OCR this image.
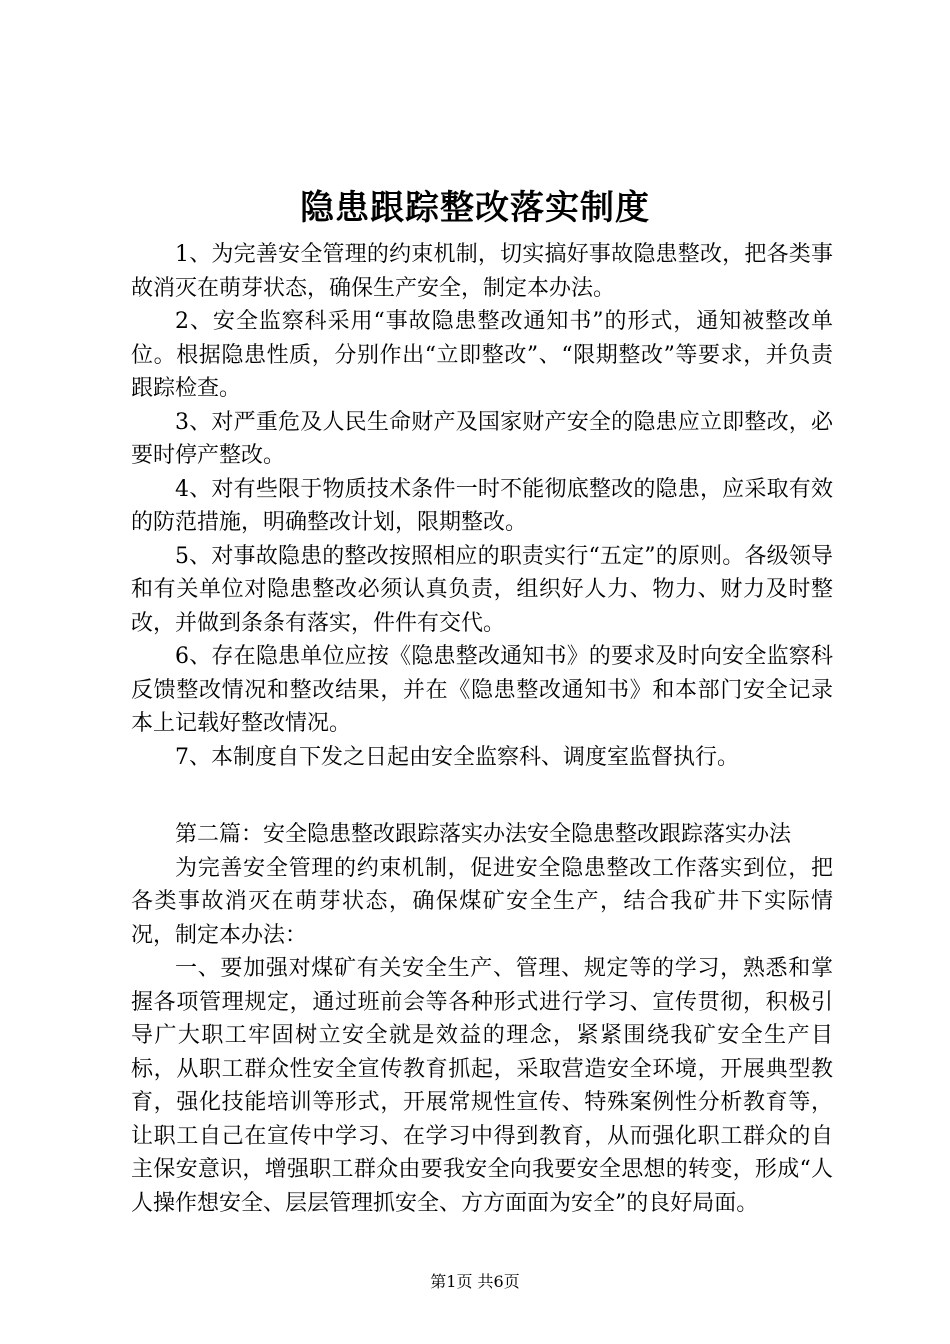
隐患跟踪整改落实制度

1、为完善安全管理的约束机制，切实搞好事故隐患整改，把各类事故消灭在萌芽状态，确保生产安全，制定本办法。

2、安全监察科采用“事故隐患整改通知书”的形式，通知被整改单位。根据隐患性质，分别作出“立即整改”、“限期整改”等要求，并负责跟踪检查。

3、对严重危及人民生命财产及国家财产安全的隐患应立即整改，必要时停产整改。

4、对有些限于物质技术条件一时不能彻底整改的隐患，应采取有效的防范措施，明确整改计划，限期整改。

5、对事故隐患的整改按照相应的职责实行“五定”的原则。各级领导和有关单位对隐患整改必须认真负责，组织好人力、物力、财力及时整改，并做到条条有落实，件件有交代。

6、存在隐患单位应按《隐患整改通知书》的要求及时向安全监察科反馈整改情况和整改结果，并在《隐患整改通知书》和本部门安全记录本上记载好整改情况。

7、本制度自下发之日起由安全监察科、调度室监督执行。

第二篇：安全隐患整改跟踪落实办法安全隐患整改跟踪落实办法

为完善安全管理的约束机制，促进安全隐患整改工作落实到位，把各类事故消灭在萌芽状态，确保煤矿安全生产，结合我矿井下实际情况，制定本办法：

一、要加强对煤矿有关安全生产、管理、规定等的学习，熟悉和掌握各项管理规定，通过班前会等各种形式进行学习、宣传贯彻，积极引导广大职工牢固树立安全就是效益的理念，紧紧围绕我矿安全生产目标，从职工群众性安全宣传教育抓起，采取营造安全环境，开展典型教育，强化技能培训等形式，开展常规性宣传、特殊案例性分析教育等，让职工自己在宣传中学习、在学习中得到教育，从而强化职工群众的自主保安意识，增强职工群众由要我安全向我要安全思想的转变，形成“人人操作想安全、层层管理抓安全、方方面面为安全”的良好局面。

第1页 共6页
